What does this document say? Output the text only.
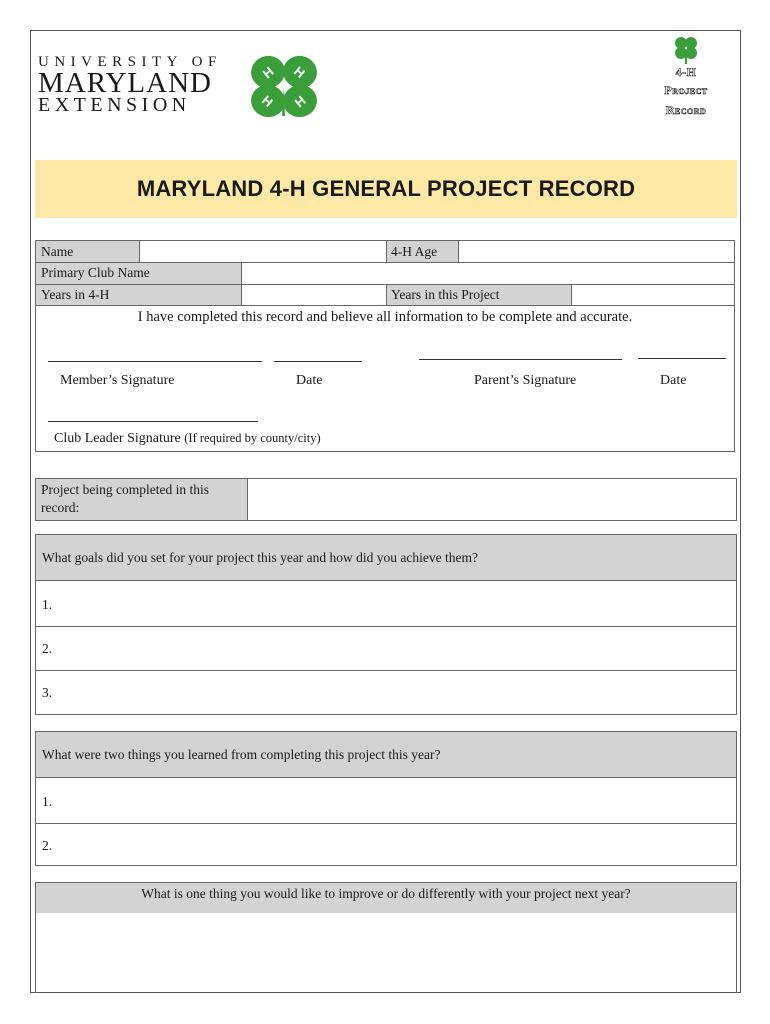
UNIVERSITY OF
MARYLAND
EXTENSION
H H
H H
4-H
Project
Record
MARYLAND 4-H GENERAL PROJECT RECORD
Name	4-H Age
Primary Club Name
Years in 4-H	Years in this Project
I have completed this record and believe all information to be complete and accurate.
Member’s Signature	Date	Parent’s Signature	Date
Club Leader Signature (If required by county/city)
Project being completed in this record:
What goals did you set for your project this year and how did you achieve them?
1.
2.
3.
What were two things you learned from completing this project this year?
1.
2.
What is one thing you would like to improve or do differently with your project next year?
